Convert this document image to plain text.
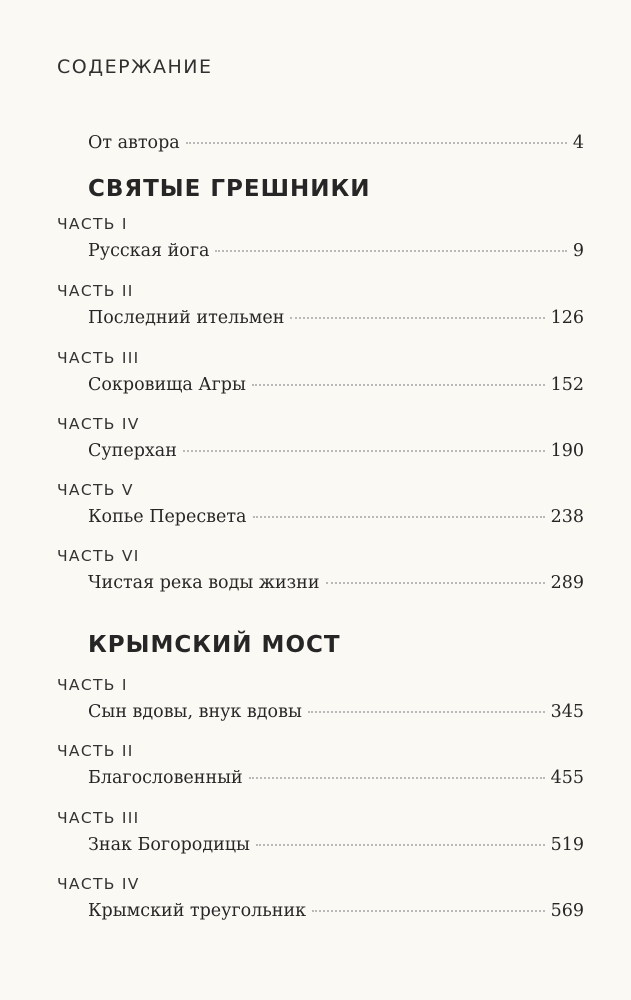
СОДЕРЖАНИЕ
От автора	4
СВЯТЫЕ ГРЕШНИКИ
ЧАСТЬ I
Русская йога	9
ЧАСТЬ II
Последний ительмен	126
ЧАСТЬ III
Сокровища Агры	152
ЧАСТЬ IV
Суперхан	190
ЧАСТЬ V
Копье Пересвета	238
ЧАСТЬ VI
Чистая река воды жизни	289
КРЫМСКИЙ МОСТ
ЧАСТЬ I
Сын вдовы, внук вдовы	345
ЧАСТЬ II
Благословенный	455
ЧАСТЬ III
Знак Богородицы	519
ЧАСТЬ IV
Крымский треугольник	569
